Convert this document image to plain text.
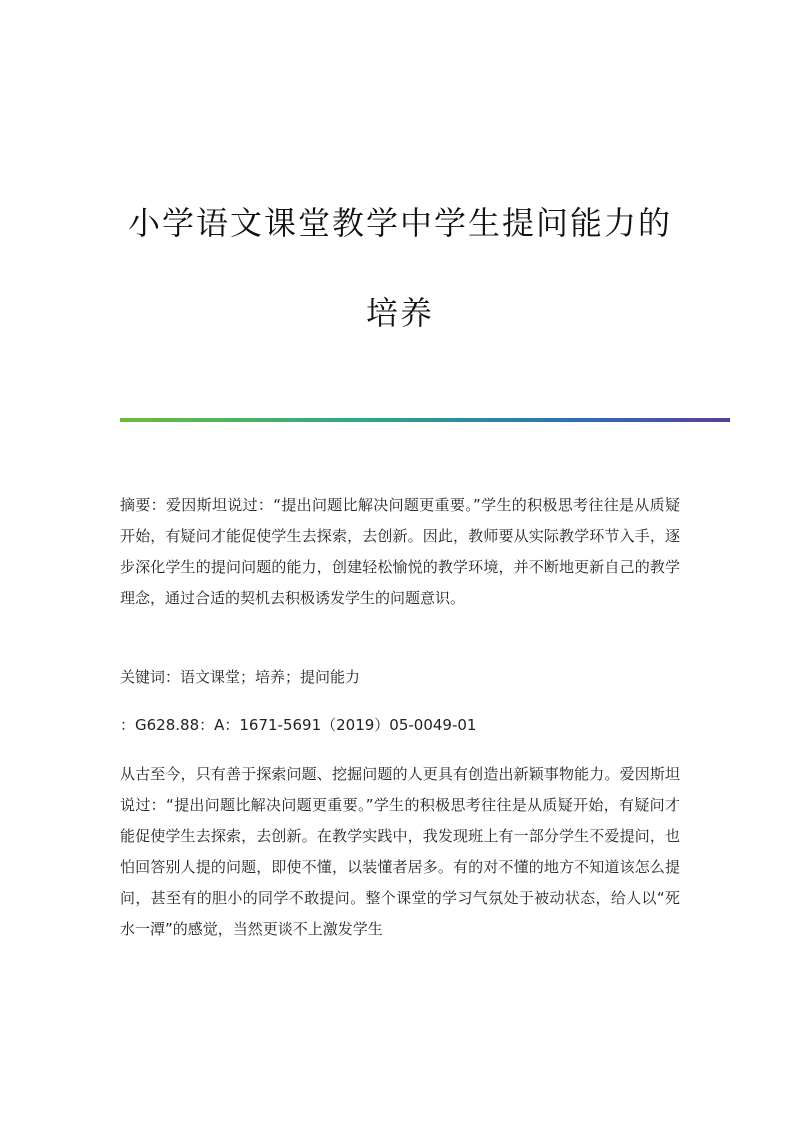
小学语文课堂教学中学生提问能力的培养

摘要：爱因斯坦说过：“提出问题比解决问题更重要。”学生的积极思考往往是从质疑开始，有疑问才能促使学生去探索，去创新。因此，教师要从实际教学环节入手，逐步深化学生的提问问题的能力，创建轻松愉悦的教学环境，并不断地更新自己的教学理念，通过合适的契机去积极诱发学生的问题意识。

关键词：语文课堂；培养；提问能力

：G628.88：A：1671-5691（2019）05-0049-01

从古至今，只有善于探索问题、挖掘问题的人更具有创造出新颖事物能力。爱因斯坦说过：“提出问题比解决问题更重要。”学生的积极思考往往是从质疑开始，有疑问才能促使学生去探索，去创新。在教学实践中，我发现班上有一部分学生不爱提问，也怕回答别人提的问题，即使不懂，以装懂者居多。有的对不懂的地方不知道该怎么提问，甚至有的胆小的同学不敢提问。整个课堂的学习气氛处于被动状态，给人以“死水一潭”的感觉，当然更谈不上激发学生
